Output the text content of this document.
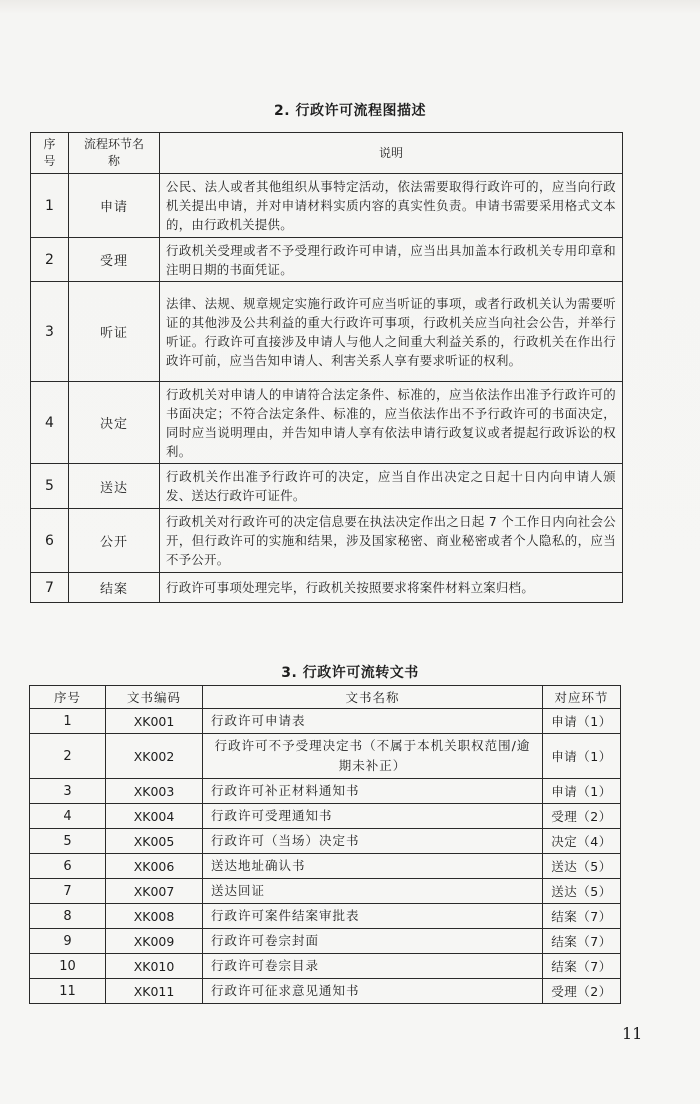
2. 行政许可流程图描述
序号	流程环节名称	说明
1	申请	公民、法人或者其他组织从事特定活动，依法需要取得行政许可的，应当向行政机关提出申请，并对申请材料实质内容的真实性负责。申请书需要采用格式文本的，由行政机关提供。
2	受理	行政机关受理或者不予受理行政许可申请，应当出具加盖本行政机关专用印章和注明日期的书面凭证。
3	听证	法律、法规、规章规定实施行政许可应当听证的事项，或者行政机关认为需要听证的其他涉及公共利益的重大行政许可事项，行政机关应当向社会公告，并举行听证。行政许可直接涉及申请人与他人之间重大利益关系的，行政机关在作出行政许可前，应当告知申请人、利害关系人享有要求听证的权利。
4	决定	行政机关对申请人的申请符合法定条件、标准的，应当依法作出准予行政许可的书面决定；不符合法定条件、标准的，应当依法作出不予行政许可的书面决定，同时应当说明理由，并告知申请人享有依法申请行政复议或者提起行政诉讼的权利。
5	送达	行政机关作出准予行政许可的决定，应当自作出决定之日起十日内向申请人颁发、送达行政许可证件。
6	公开	行政机关对行政许可的决定信息要在执法决定作出之日起 7 个工作日内向社会公开，但行政许可的实施和结果，涉及国家秘密、商业秘密或者个人隐私的，应当不予公开。
7	结案	行政许可事项处理完毕，行政机关按照要求将案件材料立案归档。
3. 行政许可流转文书
序号	文书编码	文书名称	对应环节
1	XK001	行政许可申请表	申请（1）
2	XK002	行政许可不予受理决定书（不属于本机关职权范围/逾期未补正）	申请（1）
3	XK003	行政许可补正材料通知书	申请（1）
4	XK004	行政许可受理通知书	受理（2）
5	XK005	行政许可（当场）决定书	决定（4）
6	XK006	送达地址确认书	送达（5）
7	XK007	送达回证	送达（5）
8	XK008	行政许可案件结案审批表	结案（7）
9	XK009	行政许可卷宗封面	结案（7）
10	XK010	行政许可卷宗目录	结案（7）
11	XK011	行政许可征求意见通知书	受理（2）
11
